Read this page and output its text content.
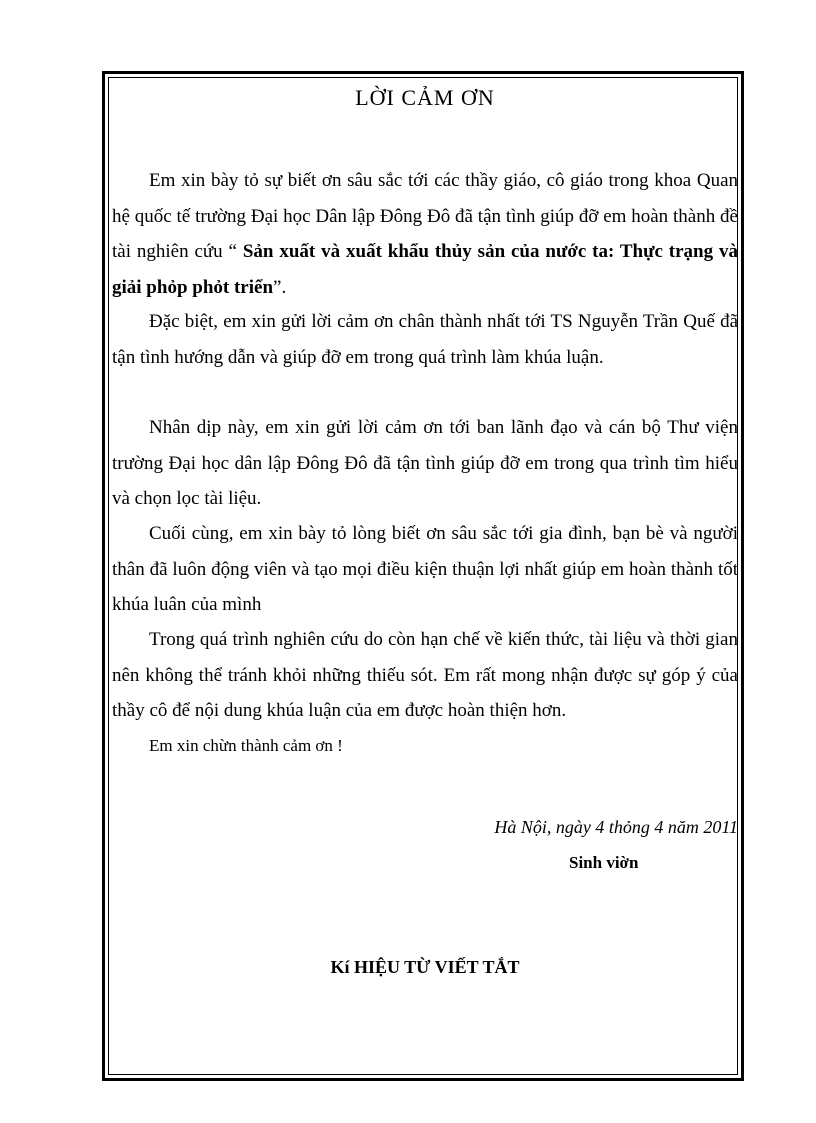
LỜI CẢM ƠN

Em xin bày tỏ sự biết ơn sâu sắc tới các thầy giáo, cô giáo trong khoa Quan hệ quốc tế trường Đại học Dân lập Đông Đô đã tận tình giúp đỡ em hoàn thành đề tài nghiên cứu “ Sản xuất và xuất khẩu thủy sản của nước ta: Thực trạng và giải phỏp phỏt triển”.

Đặc biệt, em xin gửi lời cảm ơn chân thành nhất tới TS Nguyễn Trần Quế đã tận tình hướng dẫn và giúp đỡ em trong quá trình làm khúa luận.

Nhân dịp này, em xin gửi lời cảm ơn tới ban lãnh đạo và cán bộ Thư viện trường Đại học dân lập Đông Đô đã tận tình giúp đỡ em trong qua trình tìm hiểu và chọn lọc tài liệu.

Cuối cùng, em xin bày tỏ lòng biết ơn sâu sắc tới gia đình, bạn bè và người thân đã luôn động viên và tạo mọi điều kiện thuận lợi nhất giúp em hoàn thành tốt khúa luân của mình

Trong quá trình nghiên cứu do còn hạn chế về kiến thức, tài liệu và thời gian nên không thể tránh khỏi những thiếu sót. Em rất mong nhận được sự góp ý của thầy cô để nội dung khúa luận của em được hoàn thiện hơn.

Em xin chừn thành cảm ơn !

Hà Nội, ngày 4 thỏng 4 năm 2011

Sinh viờn

Kí HIỆU TỪ VIẾT TẮT
